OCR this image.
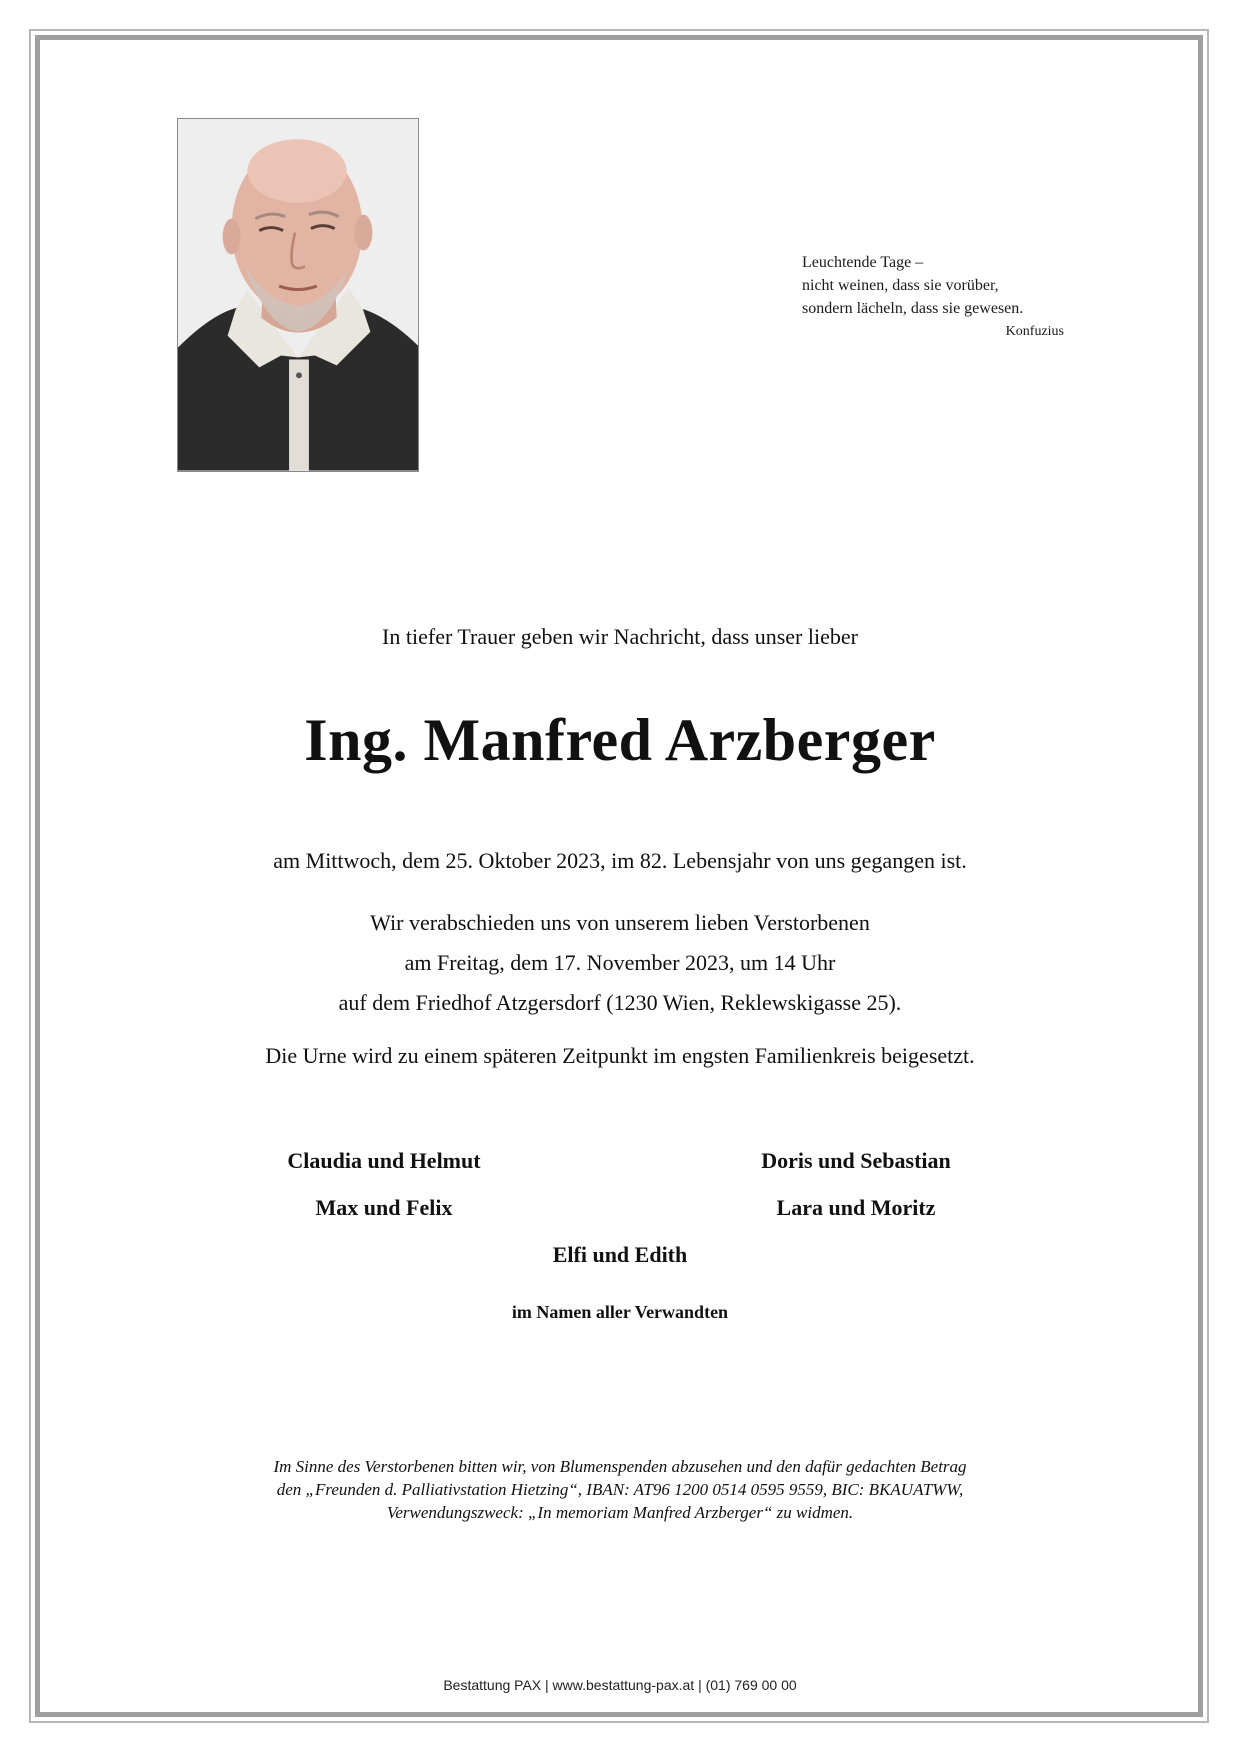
Leuchtende Tage –
nicht weinen, dass sie vorüber,
sondern lächeln, dass sie gewesen.
Konfuzius
In tiefer Trauer geben wir Nachricht, dass unser lieber
Ing. Manfred Arzberger
am Mittwoch, dem 25. Oktober 2023, im 82. Lebensjahr von uns gegangen ist.
Wir verabschieden uns von unserem lieben Verstorbenen
am Freitag, dem 17. November 2023, um 14 Uhr
auf dem Friedhof Atzgersdorf (1230 Wien, Reklewskigasse 25).
Die Urne wird zu einem späteren Zeitpunkt im engsten Familienkreis beigesetzt.
Claudia und Helmut	Doris und Sebastian
Max und Felix	Lara und Moritz
Elfi und Edith
im Namen aller Verwandten
Im Sinne des Verstorbenen bitten wir, von Blumenspenden abzusehen und den dafür gedachten Betrag
den „Freunden d. Palliativstation Hietzing“, IBAN: AT96 1200 0514 0595 9559, BIC: BKAUATWW,
Verwendungszweck: „In memoriam Manfred Arzberger“ zu widmen.
Bestattung PAX | www.bestattung-pax.at | (01) 769 00 00
